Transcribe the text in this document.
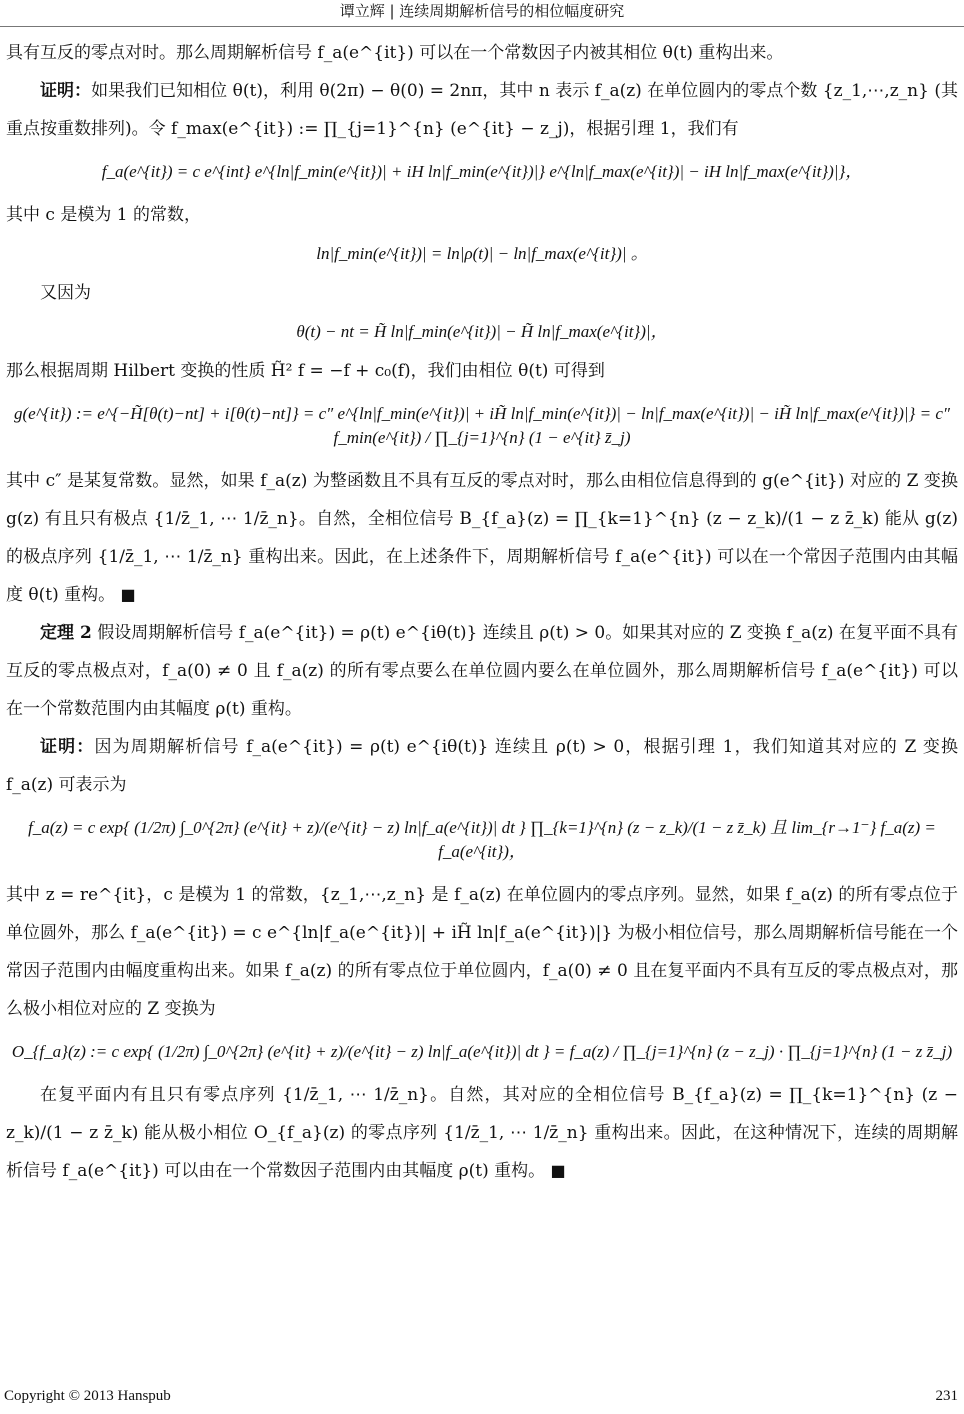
谭立辉 | 连续周期解析信号的相位幅度研究

具有互反的零点对时。那么周期解析信号 f_a(e^{it}) 可以在一个常数因子内被其相位 θ(t) 重构出来。

证明：如果我们已知相位 θ(t)，利用 θ(2π) − θ(0) = 2nπ，其中 n 表示 f_a(z) 在单位圆内的零点个数 {z_1,⋯,z_n} (其重点按重数排列)。令 f_max(e^{it}) := ∏_{j=1}^{n} (e^{it} − z_j)，根据引理 1，我们有

f_a(e^{it}) = c e^{int} e^{ln|f_min(e^{it})| + iH ln|f_min(e^{it})|} e^{ln|f_max(e^{it})| − iH ln|f_max(e^{it})|}，

其中 c 是模为 1 的常数，

ln|f_min(e^{it})| = ln|ρ(t)| − ln|f_max(e^{it})| 。

又因为

θ(t) − nt = H̃ ln|f_min(e^{it})| − H̃ ln|f_max(e^{it})|，

那么根据周期 Hilbert 变换的性质 H̃² f = −f + c₀(f)，我们由相位 θ(t) 可得到

g(e^{it}) := e^{−H̃[θ(t)−nt] + i[θ(t)−nt]} = c″ e^{ln|f_min(e^{it})| + iH̃ ln|f_min(e^{it})| − ln|f_max(e^{it})| − iH̃ ln|f_max(e^{it})|} = c″ f_min(e^{it}) / ∏_{j=1}^{n} (1 − e^{it} z̄_j)

其中 c″ 是某复常数。显然，如果 f_a(z) 为整函数且不具有互反的零点对时，那么由相位信息得到的 g(e^{it}) 对应的 Z 变换 g(z) 有且只有极点 {1/z̄_1, ⋯ 1/z̄_n}。自然，全相位信号 B_{f_a}(z) = ∏_{k=1}^{n} (z − z_k)/(1 − z z̄_k) 能从 g(z) 的极点序列 {1/z̄_1, ⋯ 1/z̄_n} 重构出来。因此，在上述条件下，周期解析信号 f_a(e^{it}) 可以在一个常因子范围内由其幅度 θ(t) 重构。 ■

定理 2 假设周期解析信号 f_a(e^{it}) = ρ(t) e^{iθ(t)} 连续且 ρ(t) > 0。如果其对应的 Z 变换 f_a(z) 在复平面不具有互反的零点极点对，f_a(0) ≠ 0 且 f_a(z) 的所有零点要么在单位圆内要么在单位圆外，那么周期解析信号 f_a(e^{it}) 可以在一个常数范围内由其幅度 ρ(t) 重构。

证明：因为周期解析信号 f_a(e^{it}) = ρ(t) e^{iθ(t)} 连续且 ρ(t) > 0，根据引理 1，我们知道其对应的 Z 变换 f_a(z) 可表示为

f_a(z) = c exp{ (1/2π) ∫_0^{2π} (e^{it} + z)/(e^{it} − z) ln|f_a(e^{it})| dt } ∏_{k=1}^{n} (z − z_k)/(1 − z z̄_k) 且 lim_{r→1⁻} f_a(z) = f_a(e^{it})，

其中 z = re^{it}，c 是模为 1 的常数，{z_1,⋯,z_n} 是 f_a(z) 在单位圆内的零点序列。显然，如果 f_a(z) 的所有零点位于单位圆外，那么 f_a(e^{it}) = c e^{ln|f_a(e^{it})| + iH̃ ln|f_a(e^{it})|} 为极小相位信号，那么周期解析信号能在一个常因子范围内由幅度重构出来。如果 f_a(z) 的所有零点位于单位圆内，f_a(0) ≠ 0 且在复平面内不具有互反的零点极点对，那么极小相位对应的 Z 变换为

O_{f_a}(z) := c exp{ (1/2π) ∫_0^{2π} (e^{it} + z)/(e^{it} − z) ln|f_a(e^{it})| dt } = f_a(z) / ∏_{j=1}^{n} (z − z_j) · ∏_{j=1}^{n} (1 − z z̄_j)

在复平面内有且只有零点序列 {1/z̄_1, ⋯ 1/z̄_n}。自然，其对应的全相位信号 B_{f_a}(z) = ∏_{k=1}^{n} (z − z_k)/(1 − z z̄_k) 能从极小相位 O_{f_a}(z) 的零点序列 {1/z̄_1, ⋯ 1/z̄_n} 重构出来。因此，在这种情况下，连续的周期解析信号 f_a(e^{it}) 可以由在一个常数因子范围内由其幅度 ρ(t) 重构。 ■

Copyright © 2013 Hanspub	231
